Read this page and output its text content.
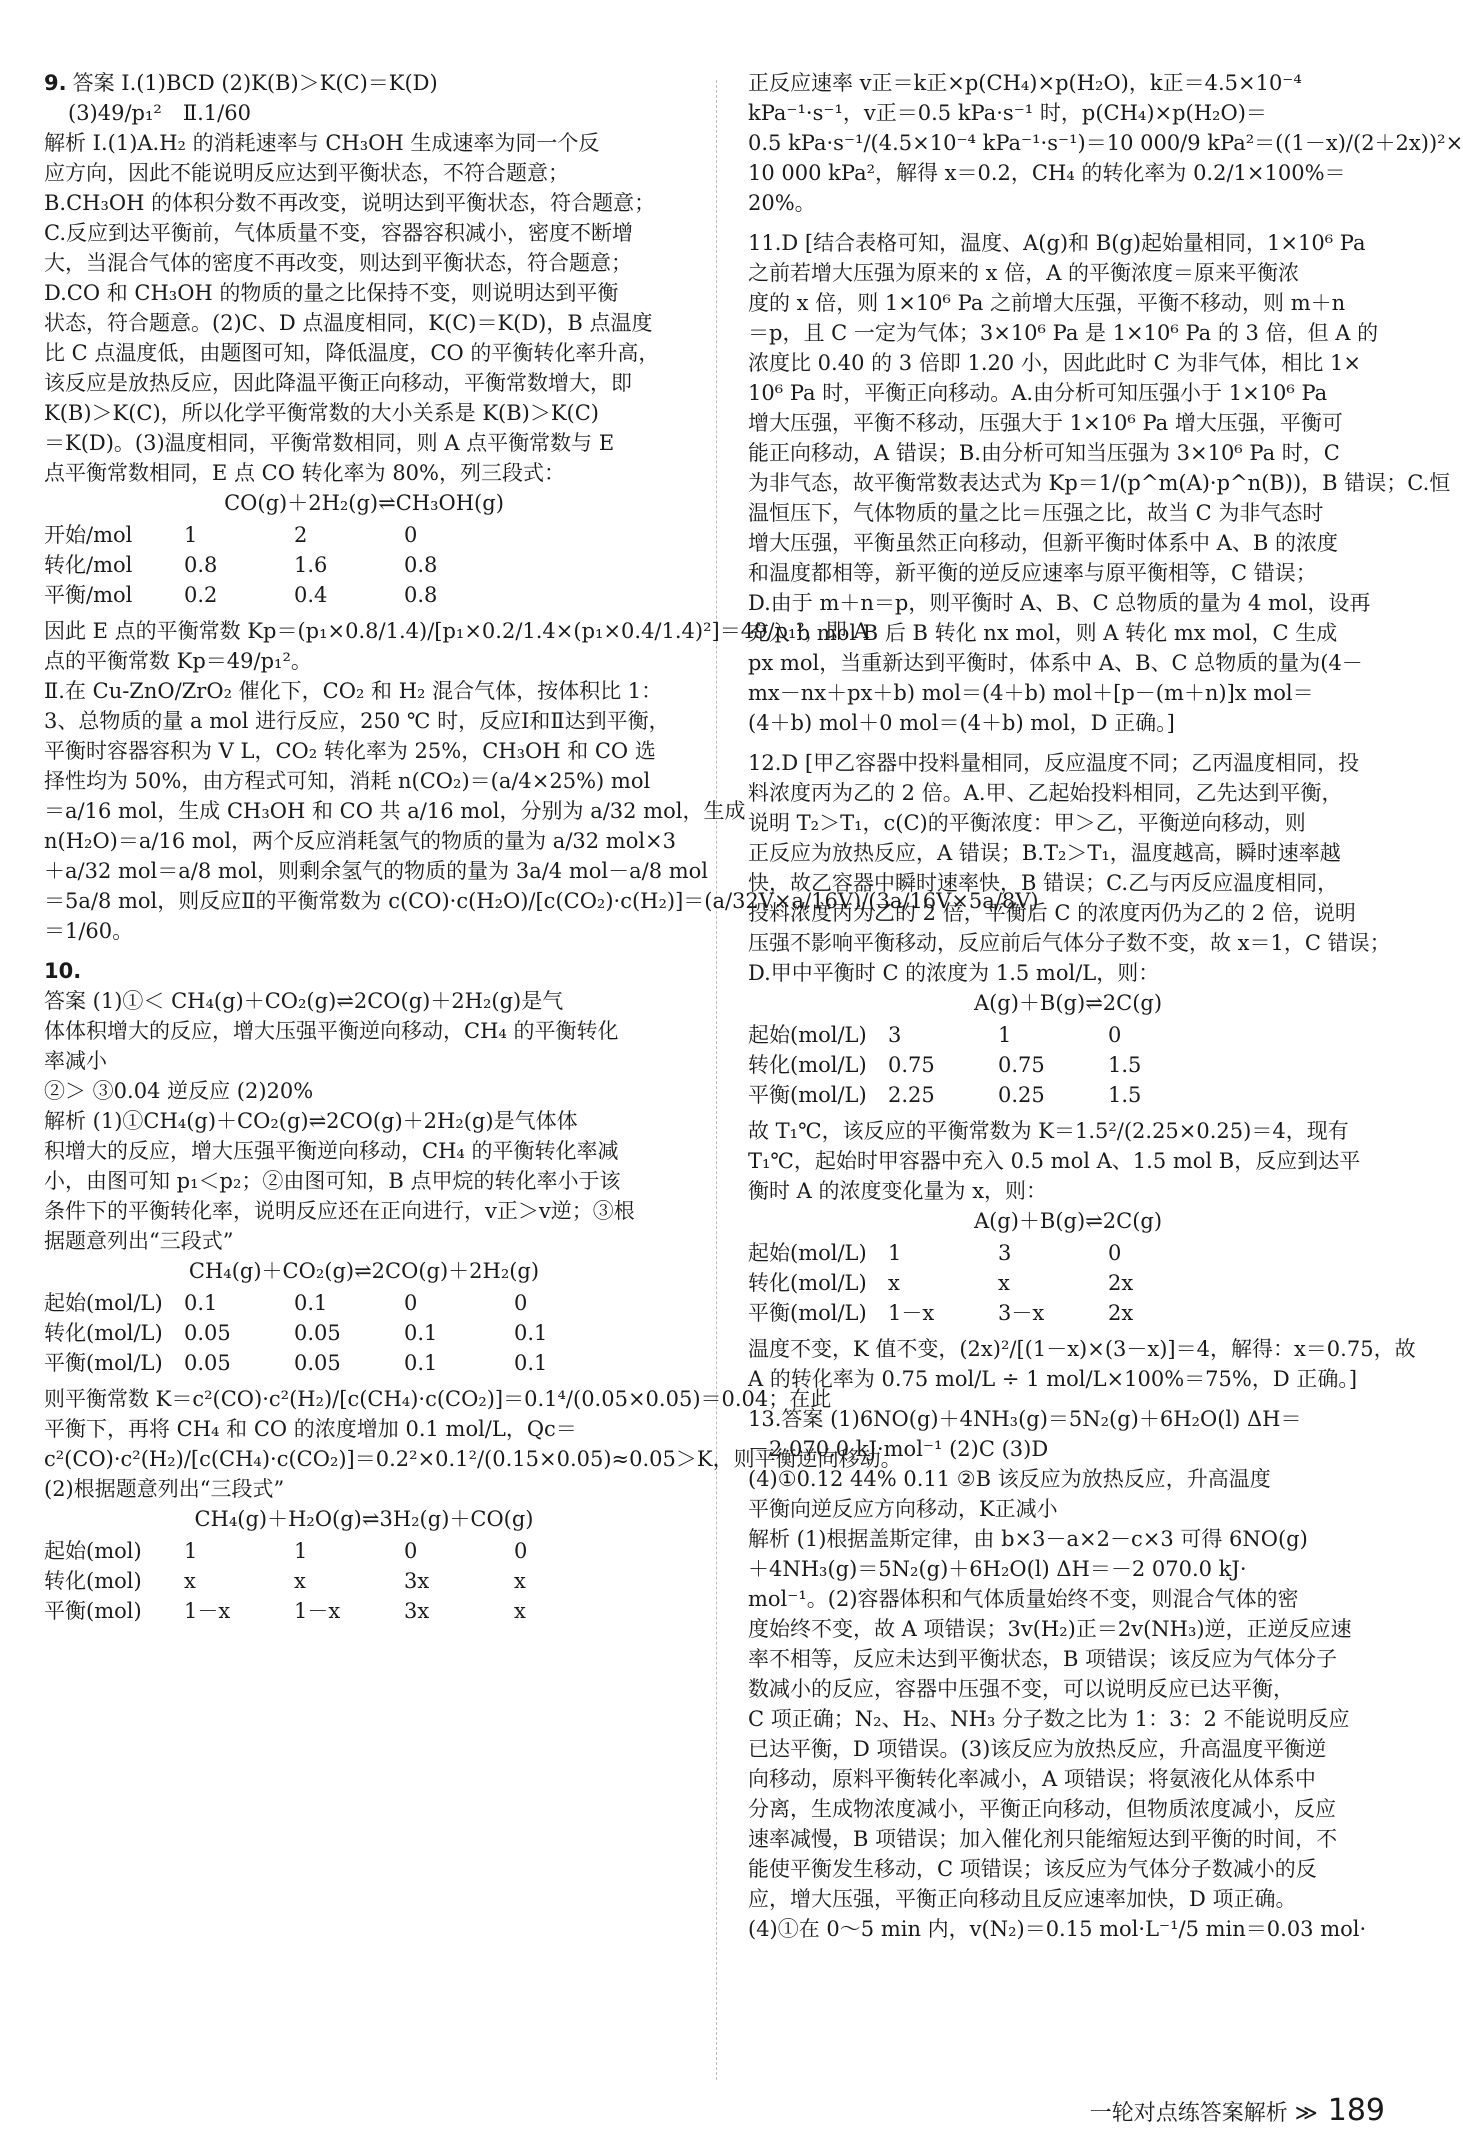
9. 答案 Ⅰ.(1)BCD (2)K(B)＞K(C)＝K(D)
(3)49/p₁²　Ⅱ.1/60
解析 Ⅰ.(1)A.H₂ 的消耗速率与 CH₃OH 生成速率为同一个反
应方向，因此不能说明反应达到平衡状态，不符合题意；
B.CH₃OH 的体积分数不再改变，说明达到平衡状态，符合题意；
C.反应到达平衡前，气体质量不变，容器容积减小，密度不断增
大，当混合气体的密度不再改变，则达到平衡状态，符合题意；
D.CO 和 CH₃OH 的物质的量之比保持不变，则说明达到平衡
状态，符合题意。(2)C、D 点温度相同，K(C)＝K(D)，B 点温度
比 C 点温度低，由题图可知，降低温度，CO 的平衡转化率升高，
该反应是放热反应，因此降温平衡正向移动，平衡常数增大，即
K(B)＞K(C)，所以化学平衡常数的大小关系是 K(B)＞K(C)
＝K(D)。(3)温度相同，平衡常数相同，则 A 点平衡常数与 E
点平衡常数相同，E 点 CO 转化率为 80%，列三段式：
CO(g)＋2H₂(g)⇌CH₃OH(g)
开始/mol	1	2	0
转化/mol	0.8	1.6	0.8
平衡/mol	0.2	0.4	0.8
因此 E 点的平衡常数 Kp＝(p₁×0.8/1.4)/[p₁×0.2/1.4×(p₁×0.4/1.4)²]＝49/p₁²，即 A
点的平衡常数 Kp＝49/p₁²。
Ⅱ.在 Cu-ZnO/ZrO₂ 催化下，CO₂ 和 H₂ 混合气体，按体积比 1：
3、总物质的量 a mol 进行反应，250 ℃ 时，反应Ⅰ和Ⅱ达到平衡，
平衡时容器容积为 V L，CO₂ 转化率为 25%，CH₃OH 和 CO 选
择性均为 50%，由方程式可知，消耗 n(CO₂)＝(a/4×25%) mol
＝a/16 mol，生成 CH₃OH 和 CO 共 a/16 mol，分别为 a/32 mol，生成
n(H₂O)＝a/16 mol，两个反应消耗氢气的物质的量为 a/32 mol×3
＋a/32 mol＝a/8 mol，则剩余氢气的物质的量为 3a/4 mol－a/8 mol
＝5a/8 mol，则反应Ⅱ的平衡常数为 c(CO)·c(H₂O)/[c(CO₂)·c(H₂)]＝(a/32V×a/16V)/(3a/16V×5a/8V)
＝1/60。
10.
答案 (1)①＜ CH₄(g)＋CO₂(g)⇌2CO(g)＋2H₂(g)是气
体体积增大的反应，增大压强平衡逆向移动，CH₄ 的平衡转化
率减小
②＞ ③0.04 逆反应 (2)20%
解析 (1)①CH₄(g)＋CO₂(g)⇌2CO(g)＋2H₂(g)是气体体
积增大的反应，增大压强平衡逆向移动，CH₄ 的平衡转化率减
小，由图可知 p₁＜p₂；②由图可知，B 点甲烷的转化率小于该
条件下的平衡转化率，说明反应还在正向进行，v正＞v逆；③根
据题意列出“三段式”
CH₄(g)＋CO₂(g)⇌2CO(g)＋2H₂(g)
起始(mol/L)	0.1	0.1	0	0
转化(mol/L)	0.05	0.05	0.1	0.1
平衡(mol/L)	0.05	0.05	0.1	0.1
则平衡常数 K＝c²(CO)·c²(H₂)/[c(CH₄)·c(CO₂)]＝0.1⁴/(0.05×0.05)＝0.04；在此
平衡下，再将 CH₄ 和 CO 的浓度增加 0.1 mol/L，Qc＝
c²(CO)·c²(H₂)/[c(CH₄)·c(CO₂)]＝0.2²×0.1²/(0.15×0.05)≈0.05＞K，则平衡逆向移动。
(2)根据题意列出“三段式”
CH₄(g)＋H₂O(g)⇌3H₂(g)＋CO(g)
起始(mol)	1	1	0	0
转化(mol)	x	x	3x	x
平衡(mol)	1－x	1－x	3x	x
正反应速率 v正＝k正×p(CH₄)×p(H₂O)，k正＝4.5×10⁻⁴
kPa⁻¹·s⁻¹，v正＝0.5 kPa·s⁻¹ 时，p(CH₄)×p(H₂O)＝
0.5 kPa·s⁻¹/(4.5×10⁻⁴ kPa⁻¹·s⁻¹)＝10 000/9 kPa²＝((1－x)/(2＋2x))²×
10 000 kPa²，解得 x＝0.2，CH₄ 的转化率为 0.2/1×100%＝
20%。
11.D [结合表格可知，温度、A(g)和 B(g)起始量相同，1×10⁶ Pa
之前若增大压强为原来的 x 倍，A 的平衡浓度＝原来平衡浓
度的 x 倍，则 1×10⁶ Pa 之前增大压强，平衡不移动，则 m＋n
＝p，且 C 一定为气体；3×10⁶ Pa 是 1×10⁶ Pa 的 3 倍，但 A 的
浓度比 0.40 的 3 倍即 1.20 小，因此此时 C 为非气体，相比 1×
10⁶ Pa 时，平衡正向移动。A.由分析可知压强小于 1×10⁶ Pa
增大压强，平衡不移动，压强大于 1×10⁶ Pa 增大压强，平衡可
能正向移动，A 错误；B.由分析可知当压强为 3×10⁶ Pa 时，C
为非气态，故平衡常数表达式为 Kp＝1/(p^m(A)·p^n(B))，B 错误；C.恒
温恒压下，气体物质的量之比＝压强之比，故当 C 为非气态时
增大压强，平衡虽然正向移动，但新平衡时体系中 A、B 的浓度
和温度都相等，新平衡的逆反应速率与原平衡相等，C 错误；
D.由于 m＋n＝p，则平衡时 A、B、C 总物质的量为 4 mol，设再
充入 b mol B 后 B 转化 nx mol，则 A 转化 mx mol，C 生成
px mol，当重新达到平衡时，体系中 A、B、C 总物质的量为(4－
mx－nx＋px＋b) mol＝(4＋b) mol＋[p－(m＋n)]x mol＝
(4＋b) mol＋0 mol＝(4＋b) mol，D 正确。]
12.D [甲乙容器中投料量相同，反应温度不同；乙丙温度相同，投
料浓度丙为乙的 2 倍。A.甲、乙起始投料相同，乙先达到平衡，
说明 T₂＞T₁，c(C)的平衡浓度：甲＞乙，平衡逆向移动，则
正反应为放热反应，A 错误；B.T₂＞T₁，温度越高，瞬时速率越
快，故乙容器中瞬时速率快，B 错误；C.乙与丙反应温度相同，
投料浓度丙为乙的 2 倍，平衡后 C 的浓度丙仍为乙的 2 倍，说明
压强不影响平衡移动，反应前后气体分子数不变，故 x＝1，C 错误；
D.甲中平衡时 C 的浓度为 1.5 mol/L，则：
A(g)＋B(g)⇌2C(g)
起始(mol/L)	3	1	0
转化(mol/L)	0.75	0.75	1.5
平衡(mol/L)	2.25	0.25	1.5
故 T₁℃，该反应的平衡常数为 K＝1.5²/(2.25×0.25)＝4，现有
T₁℃，起始时甲容器中充入 0.5 mol A、1.5 mol B，反应到达平
衡时 A 的浓度变化量为 x，则：
A(g)＋B(g)⇌2C(g)
起始(mol/L)	1	3	0
转化(mol/L)	x	x	2x
平衡(mol/L)	1－x	3－x	2x
温度不变，K 值不变，(2x)²/[(1－x)×(3－x)]＝4，解得：x＝0.75，故
A 的转化率为 0.75 mol/L ÷ 1 mol/L×100%＝75%，D 正确。]
13.答案 (1)6NO(g)＋4NH₃(g)＝5N₂(g)＋6H₂O(l) ΔH＝
－2 070.0 kJ·mol⁻¹ (2)C (3)D
(4)①0.12 44% 0.11 ②B 该反应为放热反应，升高温度
平衡向逆反应方向移动，K正减小
解析 (1)根据盖斯定律，由 b×3－a×2－c×3 可得 6NO(g)
＋4NH₃(g)＝5N₂(g)＋6H₂O(l) ΔH＝－2 070.0 kJ·
mol⁻¹。(2)容器体积和气体质量始终不变，则混合气体的密
度始终不变，故 A 项错误；3v(H₂)正＝2v(NH₃)逆，正逆反应速
率不相等，反应未达到平衡状态，B 项错误；该反应为气体分子
数减小的反应，容器中压强不变，可以说明反应已达平衡，
C 项正确；N₂、H₂、NH₃ 分子数之比为 1：3：2 不能说明反应
已达平衡，D 项错误。(3)该反应为放热反应，升高温度平衡逆
向移动，原料平衡转化率减小，A 项错误；将氨液化从体系中
分离，生成物浓度减小，平衡正向移动，但物质浓度减小，反应
速率减慢，B 项错误；加入催化剂只能缩短达到平衡的时间，不
能使平衡发生移动，C 项错误；该反应为气体分子数减小的反
应，增大压强，平衡正向移动且反应速率加快，D 项正确。
(4)①在 0～5 min 内，v(N₂)＝0.15 mol·L⁻¹/5 min＝0.03 mol·
一轮对点练答案解析 ≫ 189
